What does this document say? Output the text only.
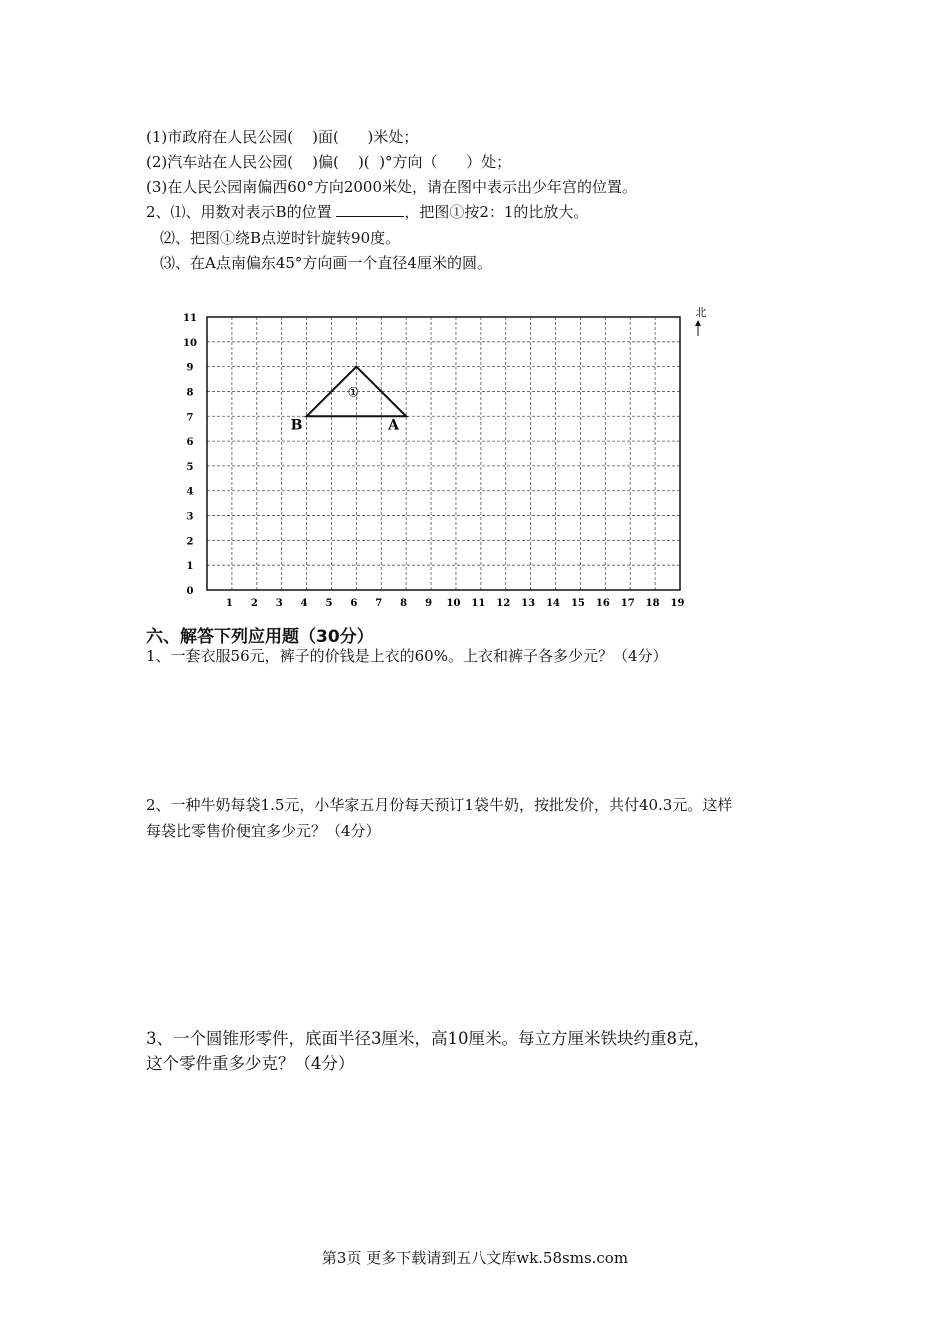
(1)市政府在人民公园(    )面(      )米处；
(2)汽车站在人民公园(    )偏(    )(  )°方向（      ）处；
(3)在人民公园南偏西60°方向2000米处，请在图中表示出少年宫的位置。
2、⑴、用数对表示B的位置	，把图①按2：1的比放大。
⑵、把图①绕B点逆时针旋转90度。
⑶、在A点南偏东45°方向画一个直径4厘米的圆。
0
1
2
3
4
5
6
7
8
9
10
11
1 2 3 4 5 6 7 8 9 10 11 12 13 14 15 16 17 18 19
B	A
①
北
六、解答下列应用题（30分）
1、一套衣服56元，裤子的价钱是上衣的60%。上衣和裤子各多少元？（4分）
2、一种牛奶每袋1.5元，小华家五月份每天预订1袋牛奶，按批发价，共付40.3元。这样
每袋比零售价便宜多少元？（4分）
3、一个圆锥形零件，底面半径3厘米，高10厘米。每立方厘米铁块约重8克，
这个零件重多少克？（4分）
第3页 更多下载请到五八文库wk.58sms.com
